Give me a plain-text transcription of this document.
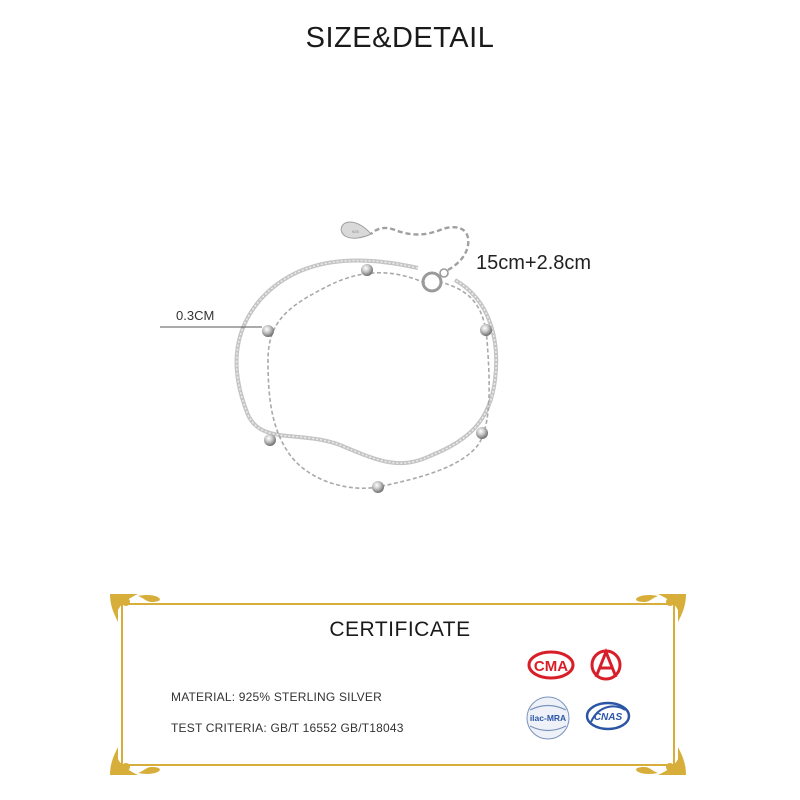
SIZE&DETAIL
925
15cm+2.8cm
0.3CM
CERTIFICATE
MATERIAL: 925% STERLING SILVER
TEST CRITERIA: GB/T 16552 GB/T18043
CMA	CAL
ilac-MRA	CNAS
